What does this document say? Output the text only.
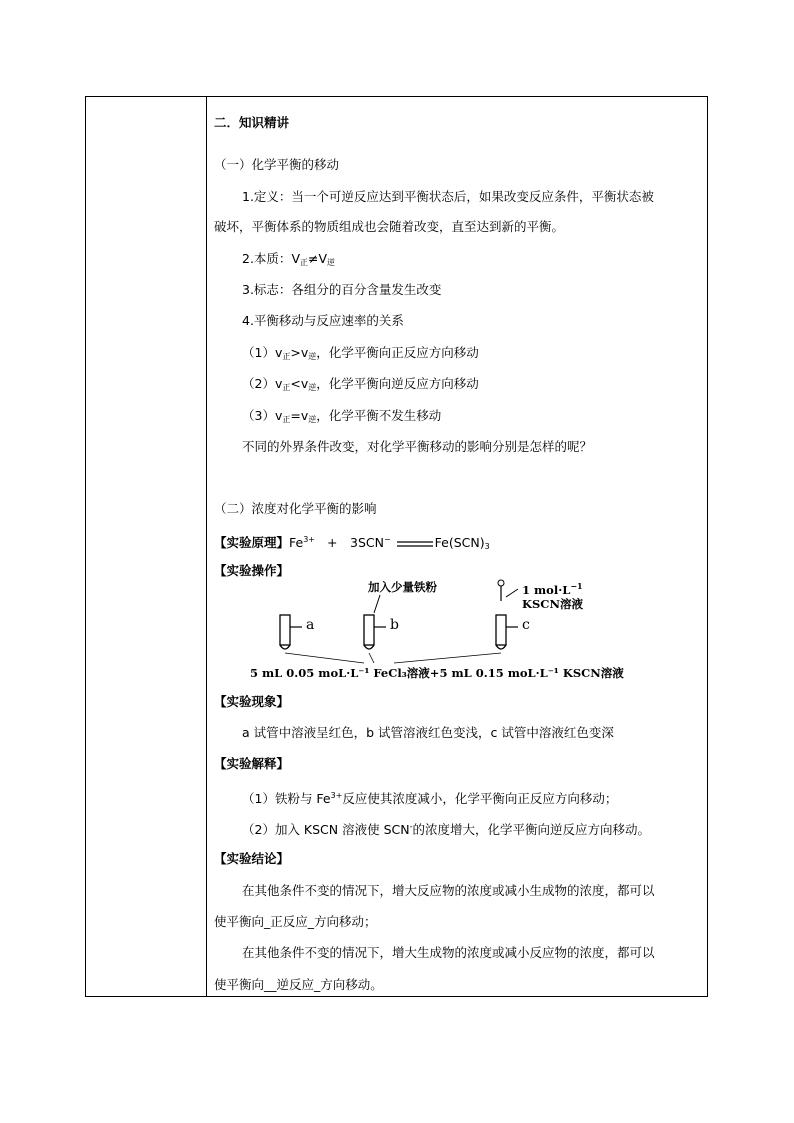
二．知识精讲
（一）化学平衡的移动
1.定义：当一个可逆反应达到平衡状态后，如果改变反应条件，平衡状态被
破坏，平衡体系的物质组成也会随着改变，直至达到新的平衡。
2.本质：$V_正\ne V_逆$
3.标志：各组分的百分含量发生改变
4.平衡移动与反应速率的关系
$(1)v_正>v_逆$，化学平衡向正反应方向移动
$(2)v_正<v_逆$，化学平衡向逆反应方向移动
$(3)v_正=v_逆$，化学平衡不发生移动
不同的外界条件改变，对化学平衡移动的影响分别是怎样的呢？
（二）浓度对化学平衡的影响
【实验原理】$Fe^{3+}$ +　3SCN−	$Fe(SCN)_3$
【实验操作】
加入少量铁粉	1 $mol\cdot L^{-1}$
KSCN溶液
a	b	c
5 mL 0.05 moL·L⁻¹ FeCl₃溶液+5 mL 0.15 moL·L⁻¹ KSCN溶液
【实验现象】
a 试管中溶液呈红色，b 试管溶液红色变浅，c 试管中溶液红色变深
【实验解释】
（1）铁粉与 $Fe^{3+}$反应使其浓度减小，化学平衡向正反应方向移动；
（2）加入 KSCN 溶液使 SCN-的浓度增大，化学平衡向逆反应方向移动。
【实验结论】
在其他条件不变的情况下，增大反应物的浓度或减小生成物的浓度，都可以
使平衡向_正反应_方向移动；
在其他条件不变的情况下，增大生成物的浓度或减小反应物的浓度，都可以
使平衡向__逆反应_方向移动。
